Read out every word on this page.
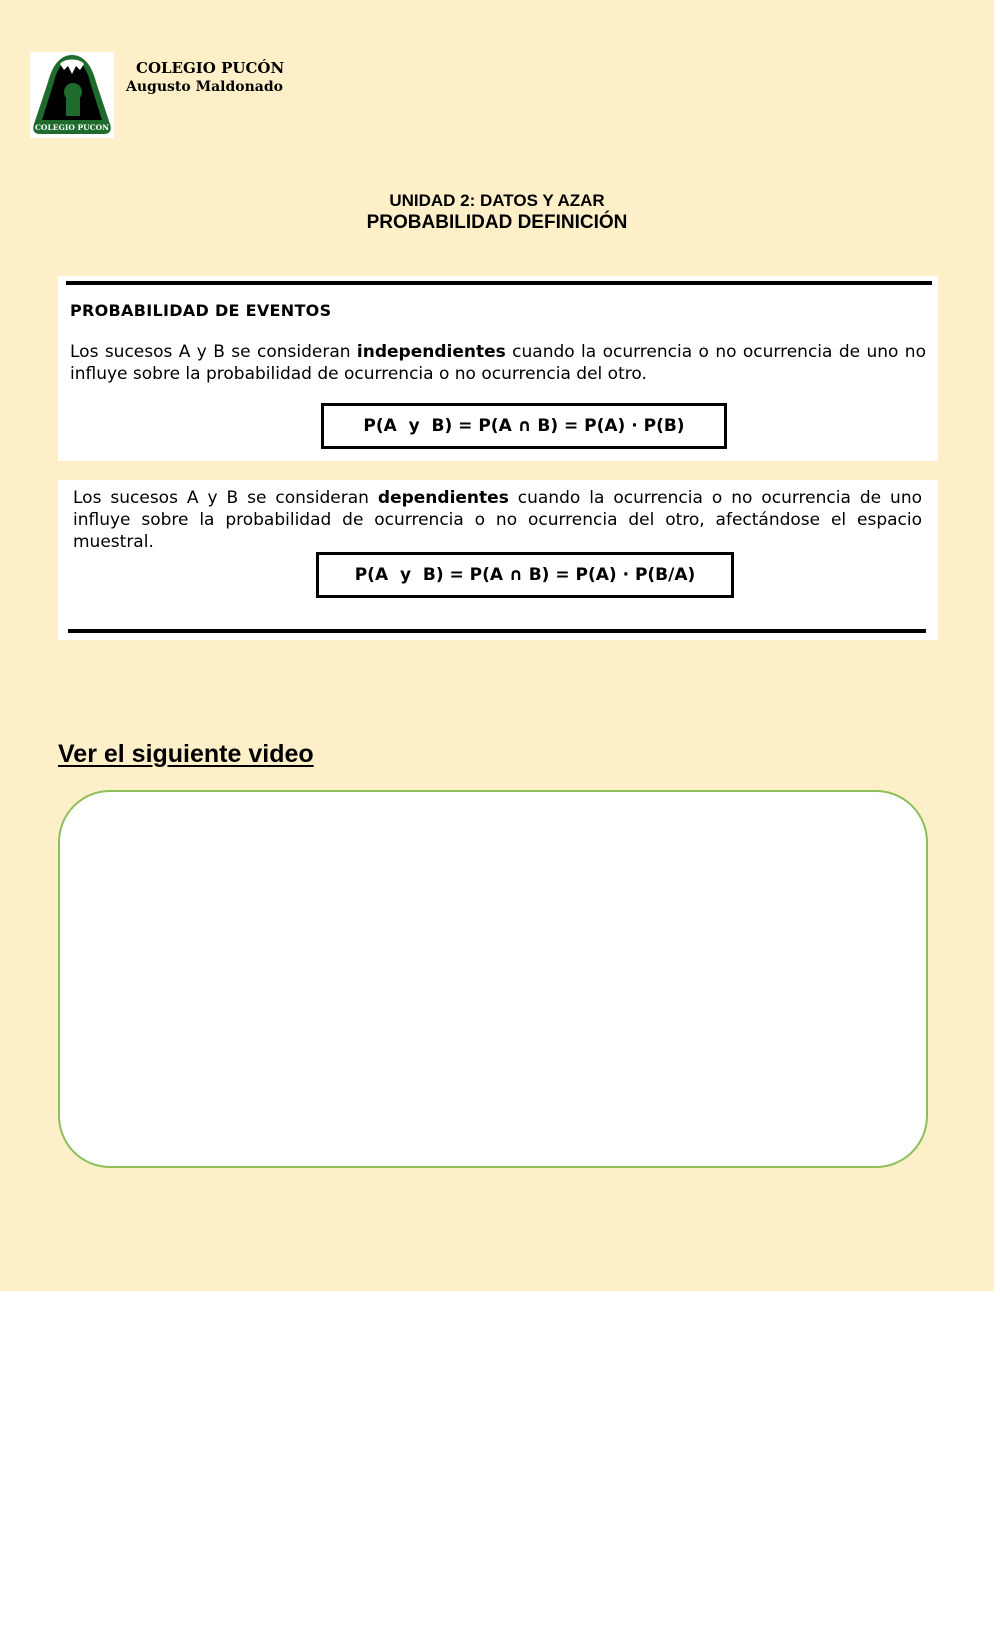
COLEGIO PUCON
COLEGIO PUCÓN
Augusto Maldonado
UNIDAD 2: DATOS Y AZAR
PROBABILIDAD DEFINICIÓN
PROBABILIDAD DE EVENTOS
Los sucesos A y B se consideran independientes cuando la ocurrencia o no ocurrencia de uno no influye sobre la probabilidad de ocurrencia o no ocurrencia del otro.
P(A  y  B) = P(A ∩ B) = P(A) · P(B)
Los sucesos A y B se consideran dependientes cuando la ocurrencia o no ocurrencia de uno influye sobre la probabilidad de ocurrencia o no ocurrencia del otro, afectándose el espacio muestral.
P(A  y  B) = P(A ∩ B) = P(A) · P(B/A)
Ver el siguiente video
